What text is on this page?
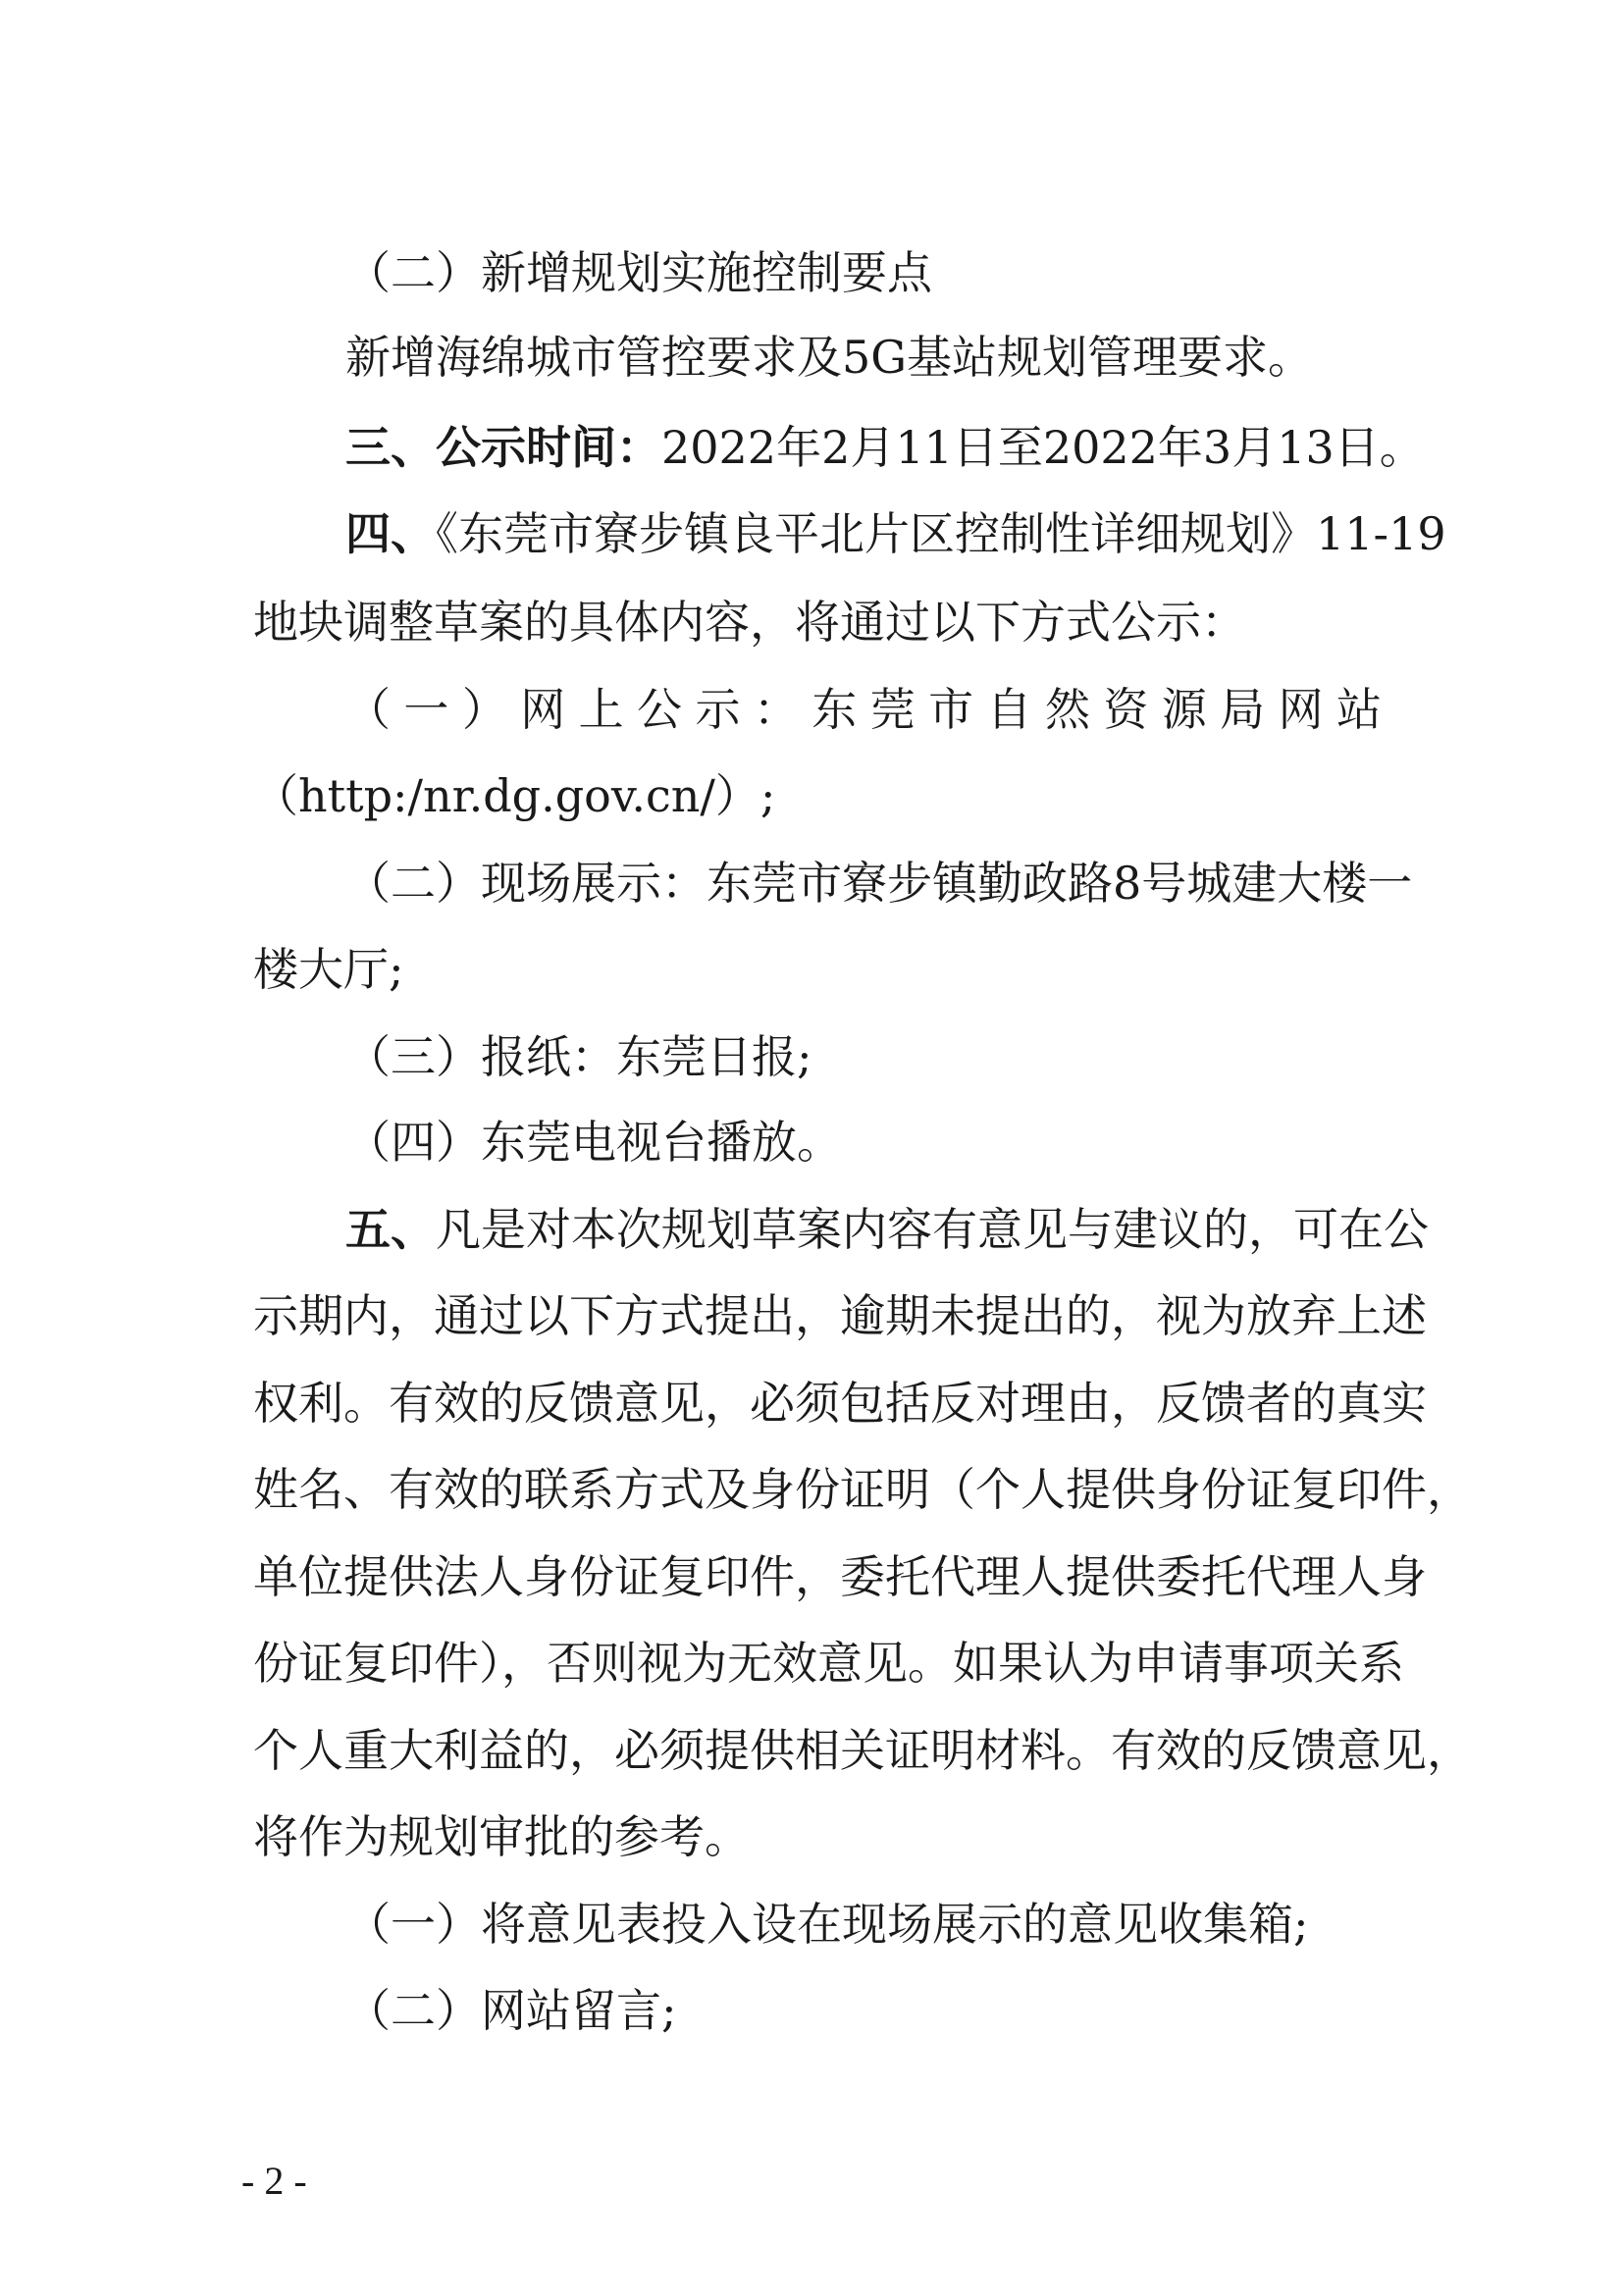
（二）新增规划实施控制要点
新增海绵城市管控要求及5G基站规划管理要求。
三、公示时间：2022年2月11日至2022年3月13日。
四、《东莞市寮步镇良平北片区控制性详细规划》11-19
地块调整草案的具体内容，将通过以下方式公示：
（一）网上公示：东莞市自然资源局网站
（http:/nr.dg.gov.cn/）;
（二）现场展示：东莞市寮步镇勤政路8号城建大楼一
楼大厅;
（三）报纸：东莞日报;
（四）东莞电视台播放。
五、凡是对本次规划草案内容有意见与建议的，可在公
示期内，通过以下方式提出，逾期未提出的，视为放弃上述
权利。有效的反馈意见，必须包括反对理由，反馈者的真实
姓名、有效的联系方式及身份证明（个人提供身份证复印件，
单位提供法人身份证复印件，委托代理人提供委托代理人身
份证复印件），否则视为无效意见。如果认为申请事项关系
个人重大利益的，必须提供相关证明材料。有效的反馈意见，
将作为规划审批的参考。
（一）将意见表投入设在现场展示的意见收集箱;
（二）网站留言;
- 2 -
